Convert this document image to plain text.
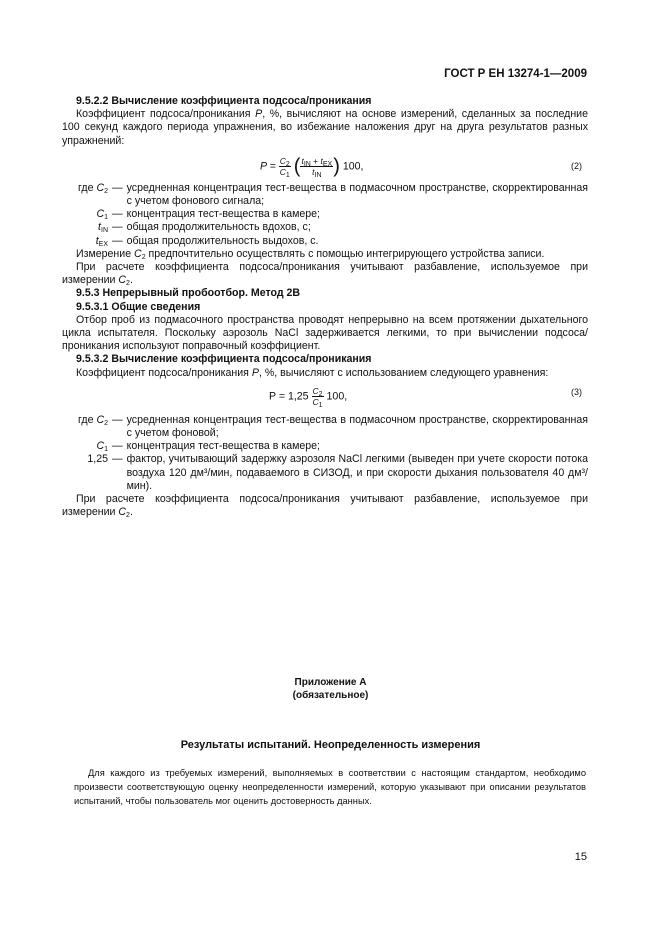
ГОСТ Р ЕН 13274-1—2009

9.5.2.2 Вычисление коэффициента подсоса/проникания

Коэффициент подсоса/проникания P, %, вычисляют на основе измерений, сделанных за последние 100 секунд каждого периода упражнения, во избежание наложения друг на друга результатов разных упражнений:

$P = \frac{C_2}{C_1}$ ( $\frac{t_{IN} + t_{EX}}{t_{IN}}$ ) 100,	(2)
где $C_2$ — усредненная концентрация тест-вещества в подмасочном пространстве, скорректированная с учетом фонового сигнала;
$C_1$ — концентрация тест-вещества в камере;
$t_{IN}$ — общая продолжительность вдохов, с;
$t_{EX}$ — общая продолжительность выдохов, с.

Измерение $C_2$ предпочтительно осуществлять с помощью интегрирующего устройства записи.

При расчете коэффициента подсоса/проникания учитывают разбавление, используемое при измерении $C_2$.

9.5.3 Непрерывный пробоотбор. Метод 2В

9.5.3.1 Общие сведения

Отбор проб из подмасочного пространства проводят непрерывно на всем протяжении дыхательного цикла испытателя. Поскольку аэрозоль NaCl задерживается легкими, то при вычислении подсоса/проникания используют поправочный коэффициент.

9.5.3.2 Вычисление коэффициента подсоса/проникания

Коэффициент подсоса/проникания P, %, вычисляют с использованием следующего уравнения:

$P = 1,25 \frac{C_2}{C_1} 100$,	(3)
где $C_2$ — усредненная концентрация тест-вещества в подмасочном пространстве, скорректированная с учетом фоновой;
$C_1$ — концентрация тест-вещества в камере;
1,25 — фактор, учитывающий задержку аэрозоля NaCl легкими (выведен при учете скорости потока воздуха 120 дм³/мин, подаваемого в СИЗОД, и при скорости дыхания пользователя 40 дм³/мин).

При расчете коэффициента подсоса/проникания учитывают разбавление, используемое при измерении $C_2$.

Приложение А
(обязательное)
Результаты испытаний. Неопределенность измерения

Для каждого из требуемых измерений, выполняемых в соответствии с настоящим стандартом, необходимо произвести соответствующую оценку неопределенности измерений, которую указывают при описании результатов испытаний, чтобы пользователь мог оценить достоверность данных.

15
